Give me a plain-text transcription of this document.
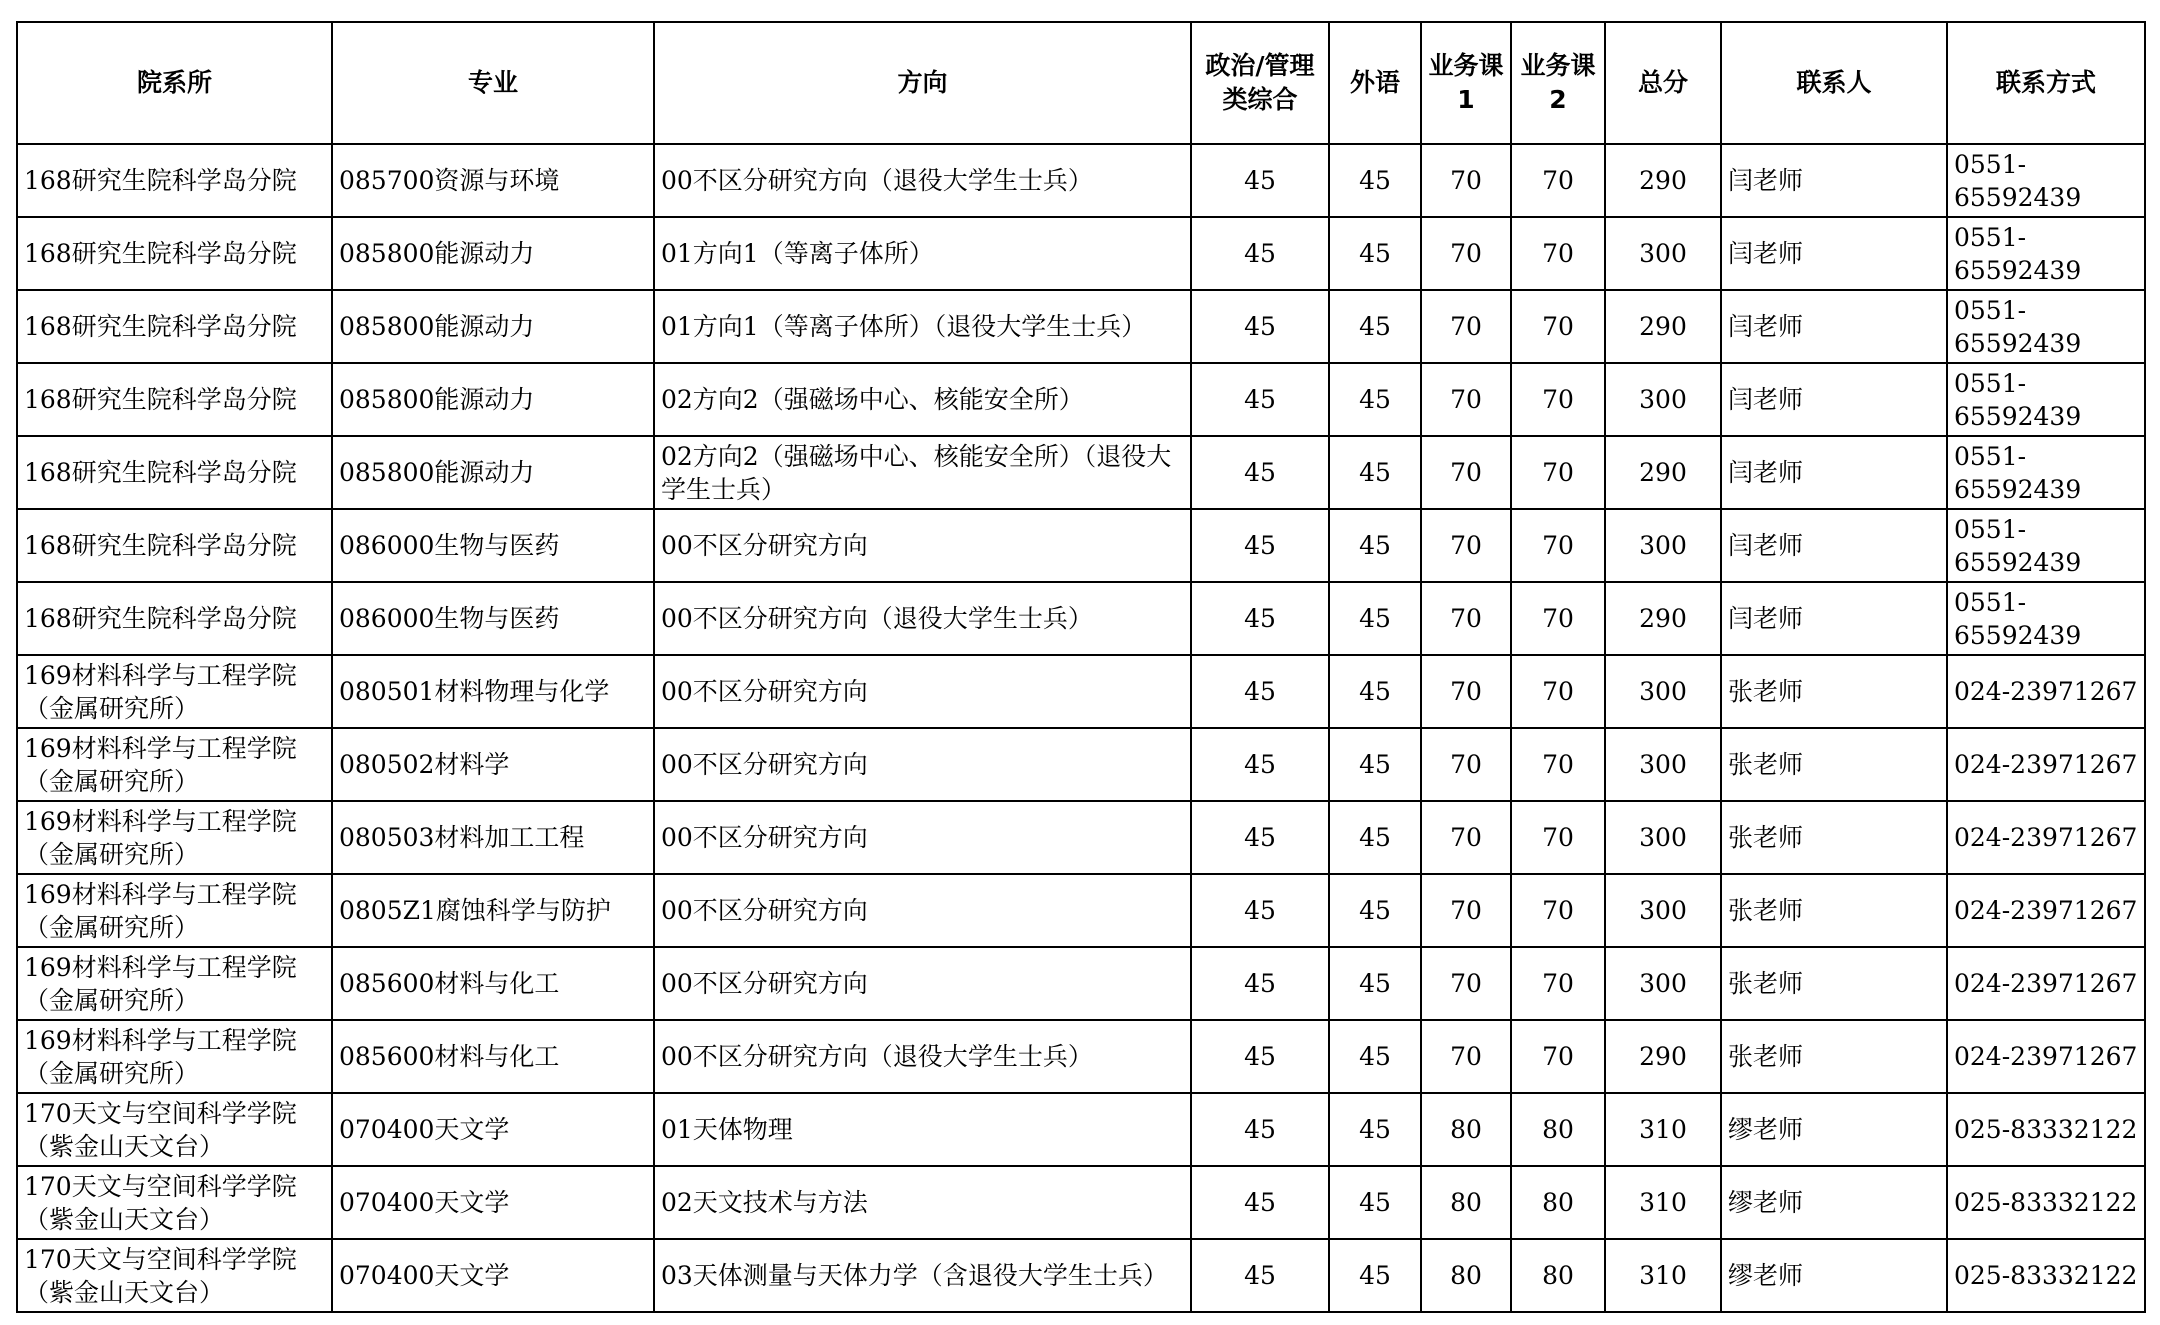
院系所	专业	方向	政治/管理类综合	外语	业务课1	业务课2	总分	联系人	联系方式
168研究生院科学岛分院	085700资源与环境	00不区分研究方向（退役大学生士兵）	45	45	70	70	290	闫老师	0551-65592439
168研究生院科学岛分院	085800能源动力	01方向1（等离子体所）	45	45	70	70	300	闫老师	0551-65592439
168研究生院科学岛分院	085800能源动力	01方向1（等离子体所）（退役大学生士兵）	45	45	70	70	290	闫老师	0551-65592439
168研究生院科学岛分院	085800能源动力	02方向2（强磁场中心、核能安全所）	45	45	70	70	300	闫老师	0551-65592439
168研究生院科学岛分院	085800能源动力	02方向2（强磁场中心、核能安全所）（退役大学生士兵）	45	45	70	70	290	闫老师	0551-65592439
168研究生院科学岛分院	086000生物与医药	00不区分研究方向	45	45	70	70	300	闫老师	0551-65592439
168研究生院科学岛分院	086000生物与医药	00不区分研究方向（退役大学生士兵）	45	45	70	70	290	闫老师	0551-65592439
169材料科学与工程学院（金属研究所）	080501材料物理与化学	00不区分研究方向	45	45	70	70	300	张老师	024-23971267
169材料科学与工程学院（金属研究所）	080502材料学	00不区分研究方向	45	45	70	70	300	张老师	024-23971267
169材料科学与工程学院（金属研究所）	080503材料加工工程	00不区分研究方向	45	45	70	70	300	张老师	024-23971267
169材料科学与工程学院（金属研究所）	0805Z1腐蚀科学与防护	00不区分研究方向	45	45	70	70	300	张老师	024-23971267
169材料科学与工程学院（金属研究所）	085600材料与化工	00不区分研究方向	45	45	70	70	300	张老师	024-23971267
169材料科学与工程学院（金属研究所）	085600材料与化工	00不区分研究方向（退役大学生士兵）	45	45	70	70	290	张老师	024-23971267
170天文与空间科学学院（紫金山天文台）	070400天文学	01天体物理	45	45	80	80	310	缪老师	025-83332122
170天文与空间科学学院（紫金山天文台）	070400天文学	02天文技术与方法	45	45	80	80	310	缪老师	025-83332122
170天文与空间科学学院（紫金山天文台）	070400天文学	03天体测量与天体力学（含退役大学生士兵）	45	45	80	80	310	缪老师	025-83332122
